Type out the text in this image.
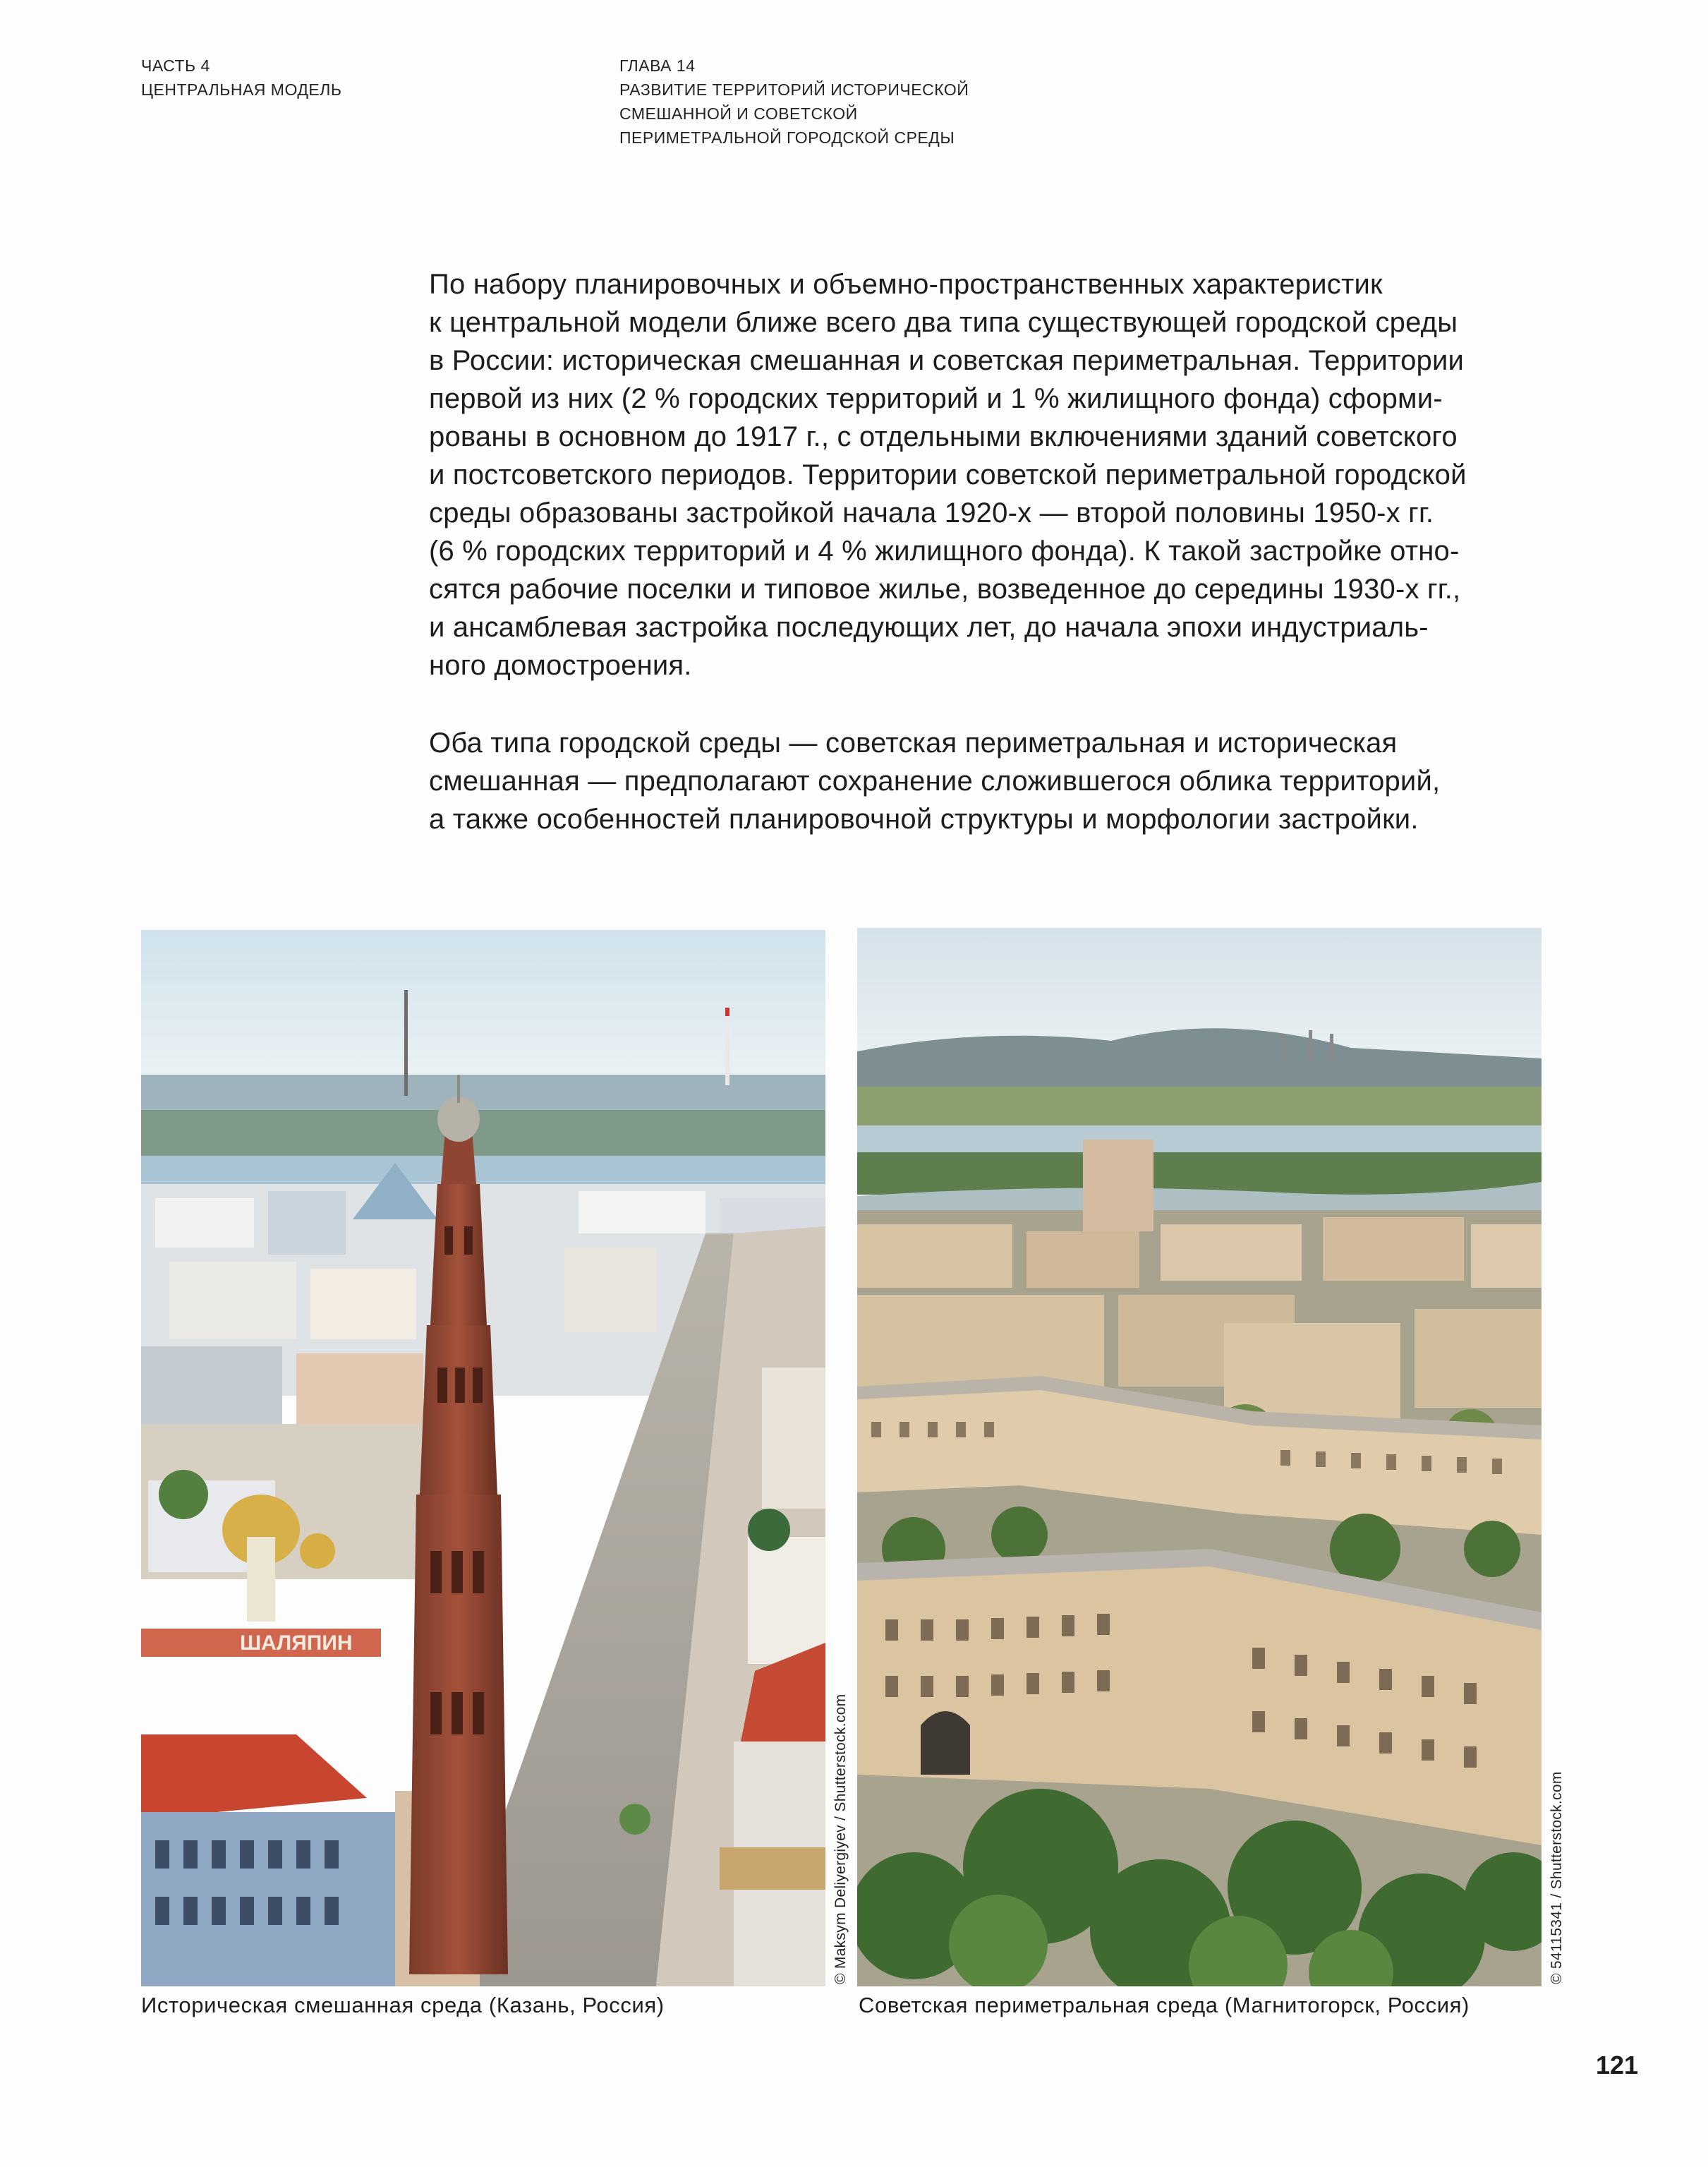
ЧАСТЬ 4
ЦЕНТРАЛЬНАЯ МОДЕЛЬ
ГЛАВА 14
РАЗВИТИЕ ТЕРРИТОРИЙ ИСТОРИЧЕСКОЙ
СМЕШАННОЙ И СОВЕТСКОЙ
ПЕРИМЕТРАЛЬНОЙ ГОРОДСКОЙ СРЕДЫ
По набору планировочных и объемно-пространственных характеристик
к центральной модели ближе всего два типа существующей городской среды
в России: историческая смешанная и советская периметральная. Территории
первой из них (2 % городских территорий и 1 % жилищного фонда) сформи-
рованы в основном до 1917 г., с отдельными включениями зданий советского
и постсоветского периодов. Территории советской периметральной городской
среды образованы застройкой начала 1920-х — второй половины 1950-х гг.
(6 % городских территорий и 4 % жилищного фонда). К такой застройке отно-
сятся рабочие поселки и типовое жилье, возведенное до середины 1930-х гг.,
и ансамблевая застройка последующих лет, до начала эпохи индустриаль-
ного домостроения.
Оба типа городской среды — советская периметральная и историческая
смешанная — предполагают сохранение сложившегося облика территорий,
а также особенностей планировочной структуры и морфологии застройки.
ШАЛЯПИН
© Maksym Deliyergiyev / Shutterstock.com	© 54115341 / Shutterstock.com
Историческая смешанная среда (Казань, Россия)	Советская периметральная среда (Магнитогорск, Россия)
121
